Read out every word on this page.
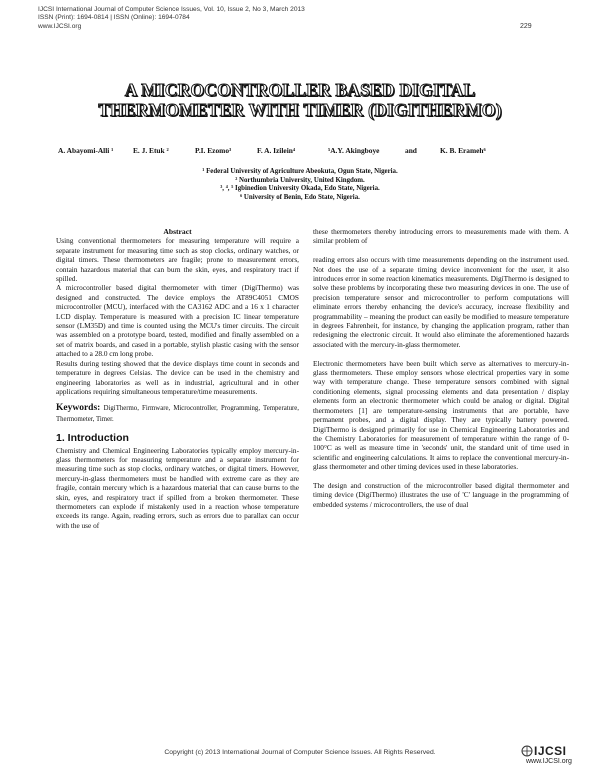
IJCSI International Journal of Computer Science Issues, Vol. 10, Issue 2, No 3, March 2013
ISSN (Print): 1694-0814 | ISSN (Online): 1694-0784
www.IJCSI.org	229
A MICROCONTROLLER BASED DIGITAL
THERMOMETER WITH TIMER (DIGITHERMO)
A. Abayomi-Alli ¹	E. J. Etuk ²	P.I. Ezomo³	F. A. Izilein⁴	⁵A.Y. Akingboye	and	K. B. Erameh⁶
¹ Federal University of Agriculture Abeokuta, Ogun State, Nigeria.
² Northumbria University, United Kingdom.
³, ⁴, ⁵ Igbinedion University Okada, Edo State, Nigeria.
⁶ University of Benin, Edo State, Nigeria.
Abstract

Using conventional thermometers for measuring temperature will require a separate instrument for measuring time such as stop clocks, ordinary watches, or digital timers. These thermometers are fragile; prone to measurement errors, contain hazardous material that can burn the skin, eyes, and respiratory tract if spilled.

A microcontroller based digital thermometer with timer (DigiThermo) was designed and constructed. The device employs the AT89C4051 CMOS microcontroller (MCU), interfaced with the CA3162 ADC and a 16 x 1 character LCD display. Temperature is measured with a precision IC linear temperature sensor (LM35D) and time is counted using the MCU's timer circuits. The circuit was assembled on a prototype board, tested, modified and finally assembled on a set of matrix boards, and cased in a portable, stylish plastic casing with the sensor attached to a 28.0 cm long probe.

Results during testing showed that the device displays time count in seconds and temperature in degrees Celsias. The device can be used in the chemistry and engineering laboratories as well as in industrial, agricultural and in other applications requiring simultaneous temperature/time measurements.

Keywords: DigiThermo, Firmware, Microcontroller, Programming, Temperature, Thermometer, Timer.

1. Introduction

Chemistry and Chemical Engineering Laboratories typically employ mercury-in-glass thermometers for measuring temperature and a separate instrument for measuring time such as stop clocks, ordinary watches, or digital timers. However, mercury-in-glass thermometers must be handled with extreme care as they are fragile, contain mercury which is a hazardous material that can cause burns to the skin, eyes, and respiratory tract if spilled from a broken thermometer. These thermometers can explode if mistakenly used in a reaction whose temperature exceeds its range. Again, reading errors, such as errors due to parallax can occur with the use of

these thermometers thereby introducing errors to measurements made with them. A similar problem of

reading errors also occurs with time measurements depending on the instrument used. Not does the use of a separate timing device inconvenient for the user, it also introduces error in some reaction kinematics measurements. DigiThermo is designed to solve these problems by incorporating these two measuring devices in one. The use of precision temperature sensor and microcontroller to perform computations will eliminate errors thereby enhancing the device's accuracy, increase flexibility and programmability – meaning the product can easily be modified to measure temperature in degrees Fahrenheit, for instance, by changing the application program, rather than redesigning the electronic circuit. It would also eliminate the aforementioned hazards associated with the mercury-in-glass thermometer.

Electronic thermometers have been built which serve as alternatives to mercury-in-glass thermometers. These employ sensors whose electrical properties vary in some way with temperature change. These temperature sensors combined with signal conditioning elements, signal processing elements and data presentation / display elements form an electronic thermometer which could be analog or digital. Digital thermometers [1] are temperature-sensing instruments that are portable, have permanent probes, and a digital display. They are typically battery powered. DigiThermo is designed primarily for use in Chemical Engineering Laboratories and the Chemistry Laboratories for measurement of temperature within the range of 0-100°C as well as measure time in 'seconds' unit, the standard unit of time used in scientific and engineering calculations. It aims to replace the conventional mercury-in-glass thermometer and other timing devices used in these laboratories.

The design and construction of the microcontroller based digital thermometer and timing device (DigiThermo) illustrates the use of 'C' language in the programming of embedded systems / microcontrollers, the use of dual

Copyright (c) 2013 International Journal of Computer Science Issues. All Rights Reserved.	IJCSI
www.IJCSI.org
